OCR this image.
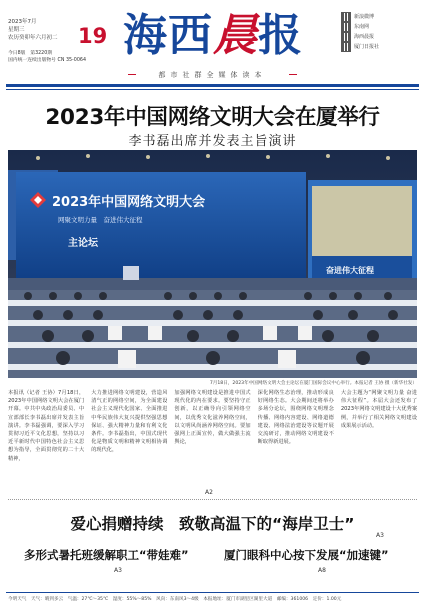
2023年7月
星期三
农历癸卯年六月初二 19
今日8版　 第3220期
国内统一连续出版物号 CN 35-0064 海 西 晨 报
都市社群全媒体读本
新浪微博
东南网
海西晨报
厦门日报社
2023年中国网络文明大会在厦举行
李书磊出席并发表主旨演讲
2023年中国网络文明大会
网聚文明力量　奋进伟大征程
主论坛
奋进伟大征程
7月18日，2023年中国网络文明大会主论坛在厦门国际会议中心举行。本报记者 王协 摄（新华社发）
本报讯（记者 王协）7月18日，2023年中国网络文明大会在厦门开幕。中共中央政治局委员、中宣部部长李书磊出席并发表主旨演讲。李书磊强调，要深入学习贯彻习近平文化思想，坚持以习近平新时代中国特色社会主义思想为指导，全面贯彻党的二十大精神，
大力推进网络文明建设，营造风清气正的网络空间，为全面建设社会主义现代化国家、全面推进中华民族伟大复兴提供坚强思想保证、强大精神力量和有利文化条件。李书磊指出，中国式现代化是物质文明和精神文明相协调的现代化，
加强网络文明建设是推进中国式现代化的内在要求。要坚持守正创新，以正确导向引领网络空间，以优秀文化滋养网络空间，以文明风尚涵养网络空间。要加强网上正面宣传，做大做强主流舆论，
深化网络生态治理，推动形成良好网络生态。大会期间还将举办多场分论坛，围绕网络文明理念传播、网络内容建设、网络道德建设、网络法治建设等议题开展交流研讨，推动网络文明建设不断取得新进展。
大会主题为“网聚文明力量 奋进伟大征程”。本届大会还发布了2023年网络文明建设十大优秀案例，并举行了相关网络文明建设成果展示活动。
A2
爱心捐赠持续　致敬高温下的“海岸卫士”
A3
多形式暑托班缓解职工“带娃难”
A3
厦门眼科中心按下发展“加速键”
A8
今明天气　天气：晴到多云　气温：27℃～35℃　湿度：55%～85%　风向：东南风3～4级　本报地址：厦门市湖里区湖里大道　邮编：361006　定价：1.00元
